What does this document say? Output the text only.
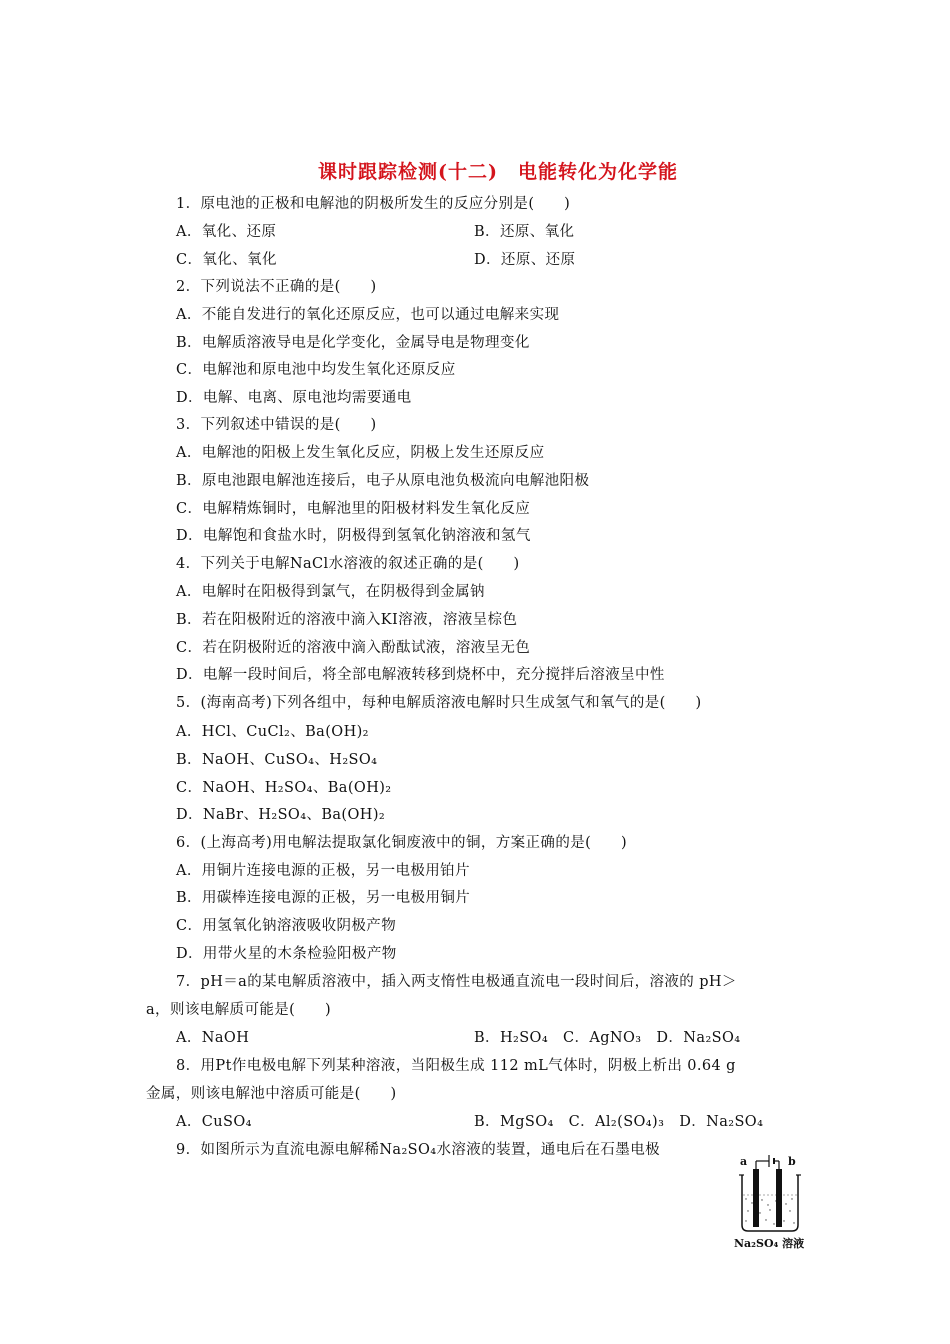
课时跟踪检测(十二)　电能转化为化学能
1．原电池的正极和电解池的阴极所发生的反应分别是(　　)
A．氧化、还原	B．还原、氧化
C．氧化、氧化	D．还原、还原
2．下列说法不正确的是(　　)
A．不能自发进行的氧化还原反应，也可以通过电解来实现
B．电解质溶液导电是化学变化，金属导电是物理变化
C．电解池和原电池中均发生氧化还原反应
D．电解、电离、原电池均需要通电
3．下列叙述中错误的是(　　)
A．电解池的阳极上发生氧化反应，阴极上发生还原反应
B．原电池跟电解池连接后，电子从原电池负极流向电解池阳极
C．电解精炼铜时，电解池里的阳极材料发生氧化反应
D．电解饱和食盐水时，阴极得到氢氧化钠溶液和氢气
4．下列关于电解NaCl水溶液的叙述正确的是(　　)
A．电解时在阳极得到氯气，在阴极得到金属钠
B．若在阳极附近的溶液中滴入KI溶液，溶液呈棕色
C．若在阴极附近的溶液中滴入酚酞试液，溶液呈无色
D．电解一段时间后，将全部电解液转移到烧杯中，充分搅拌后溶液呈中性
5．(海南高考)下列各组中，每种电解质溶液电解时只生成氢气和氧气的是(　　)
A．HCl、CuCl₂、Ba(OH)₂
B．NaOH、CuSO₄、H₂SO₄
C．NaOH、H₂SO₄、Ba(OH)₂
D．NaBr、H₂SO₄、Ba(OH)₂
6．(上海高考)用电解法提取氯化铜废液中的铜，方案正确的是(　　)
A．用铜片连接电源的正极，另一电极用铂片
B．用碳棒连接电源的正极，另一电极用铜片
C．用氢氧化钠溶液吸收阴极产物
D．用带火星的木条检验阳极产物
7．pH＝a的某电解质溶液中，插入两支惰性电极通直流电一段时间后，溶液的 pH＞
a，则该电解质可能是(　　)
A．NaOH	B．H₂SO₄　C．AgNO₃　D．Na₂SO₄
8．用Pt作电极电解下列某种溶液，当阳极生成 112 mL气体时，阴极上析出 0.64 g
金属，则该电解池中溶质可能是(　　)
A．CuSO₄	B．MgSO₄　C．Al₂(SO₄)₃　D．Na₂SO₄
9．如图所示为直流电源电解稀Na₂SO₄水溶液的装置，通电后在石墨电极
a	b
Na₂SO₄ 溶液
